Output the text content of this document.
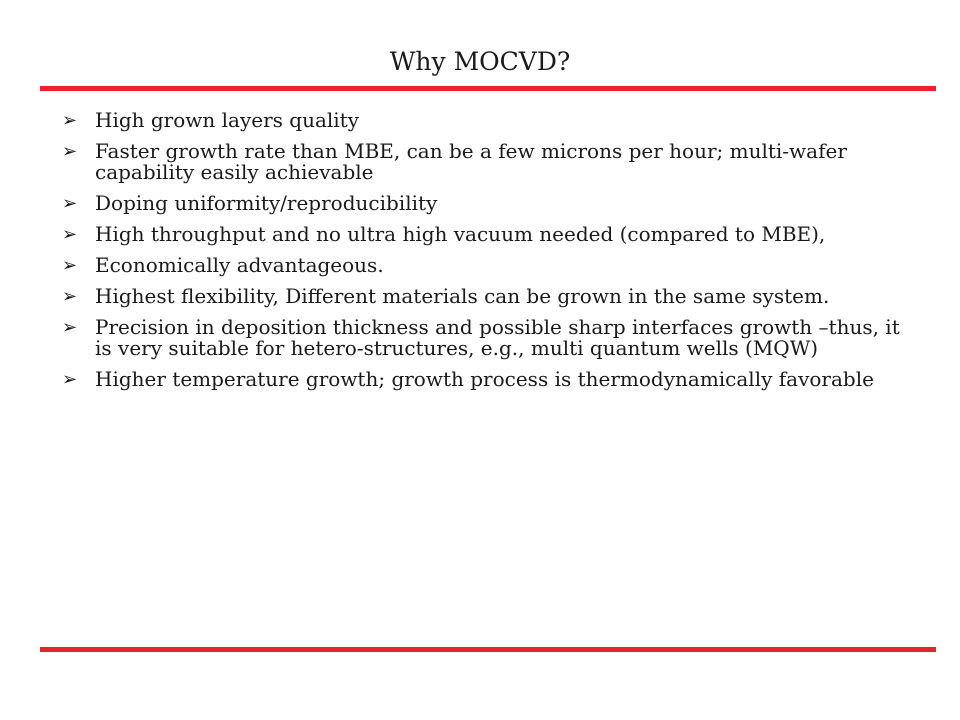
Why MOCVD?
➢ High grown layers quality
➢ Faster growth rate than MBE, can be a few microns per hour; multi-wafer capability easily achievable
➢ Doping uniformity/reproducibility
➢ High throughput and no ultra high vacuum needed (compared to MBE),
➢ Economically advantageous.
➢ Highest flexibility, Different materials can be grown in the same system.
➢ Precision in deposition thickness and possible sharp interfaces growth –thus, it is very suitable for hetero-structures, e.g., multi quantum wells (MQW)
➢ Higher temperature growth; growth process is thermodynamically favorable
